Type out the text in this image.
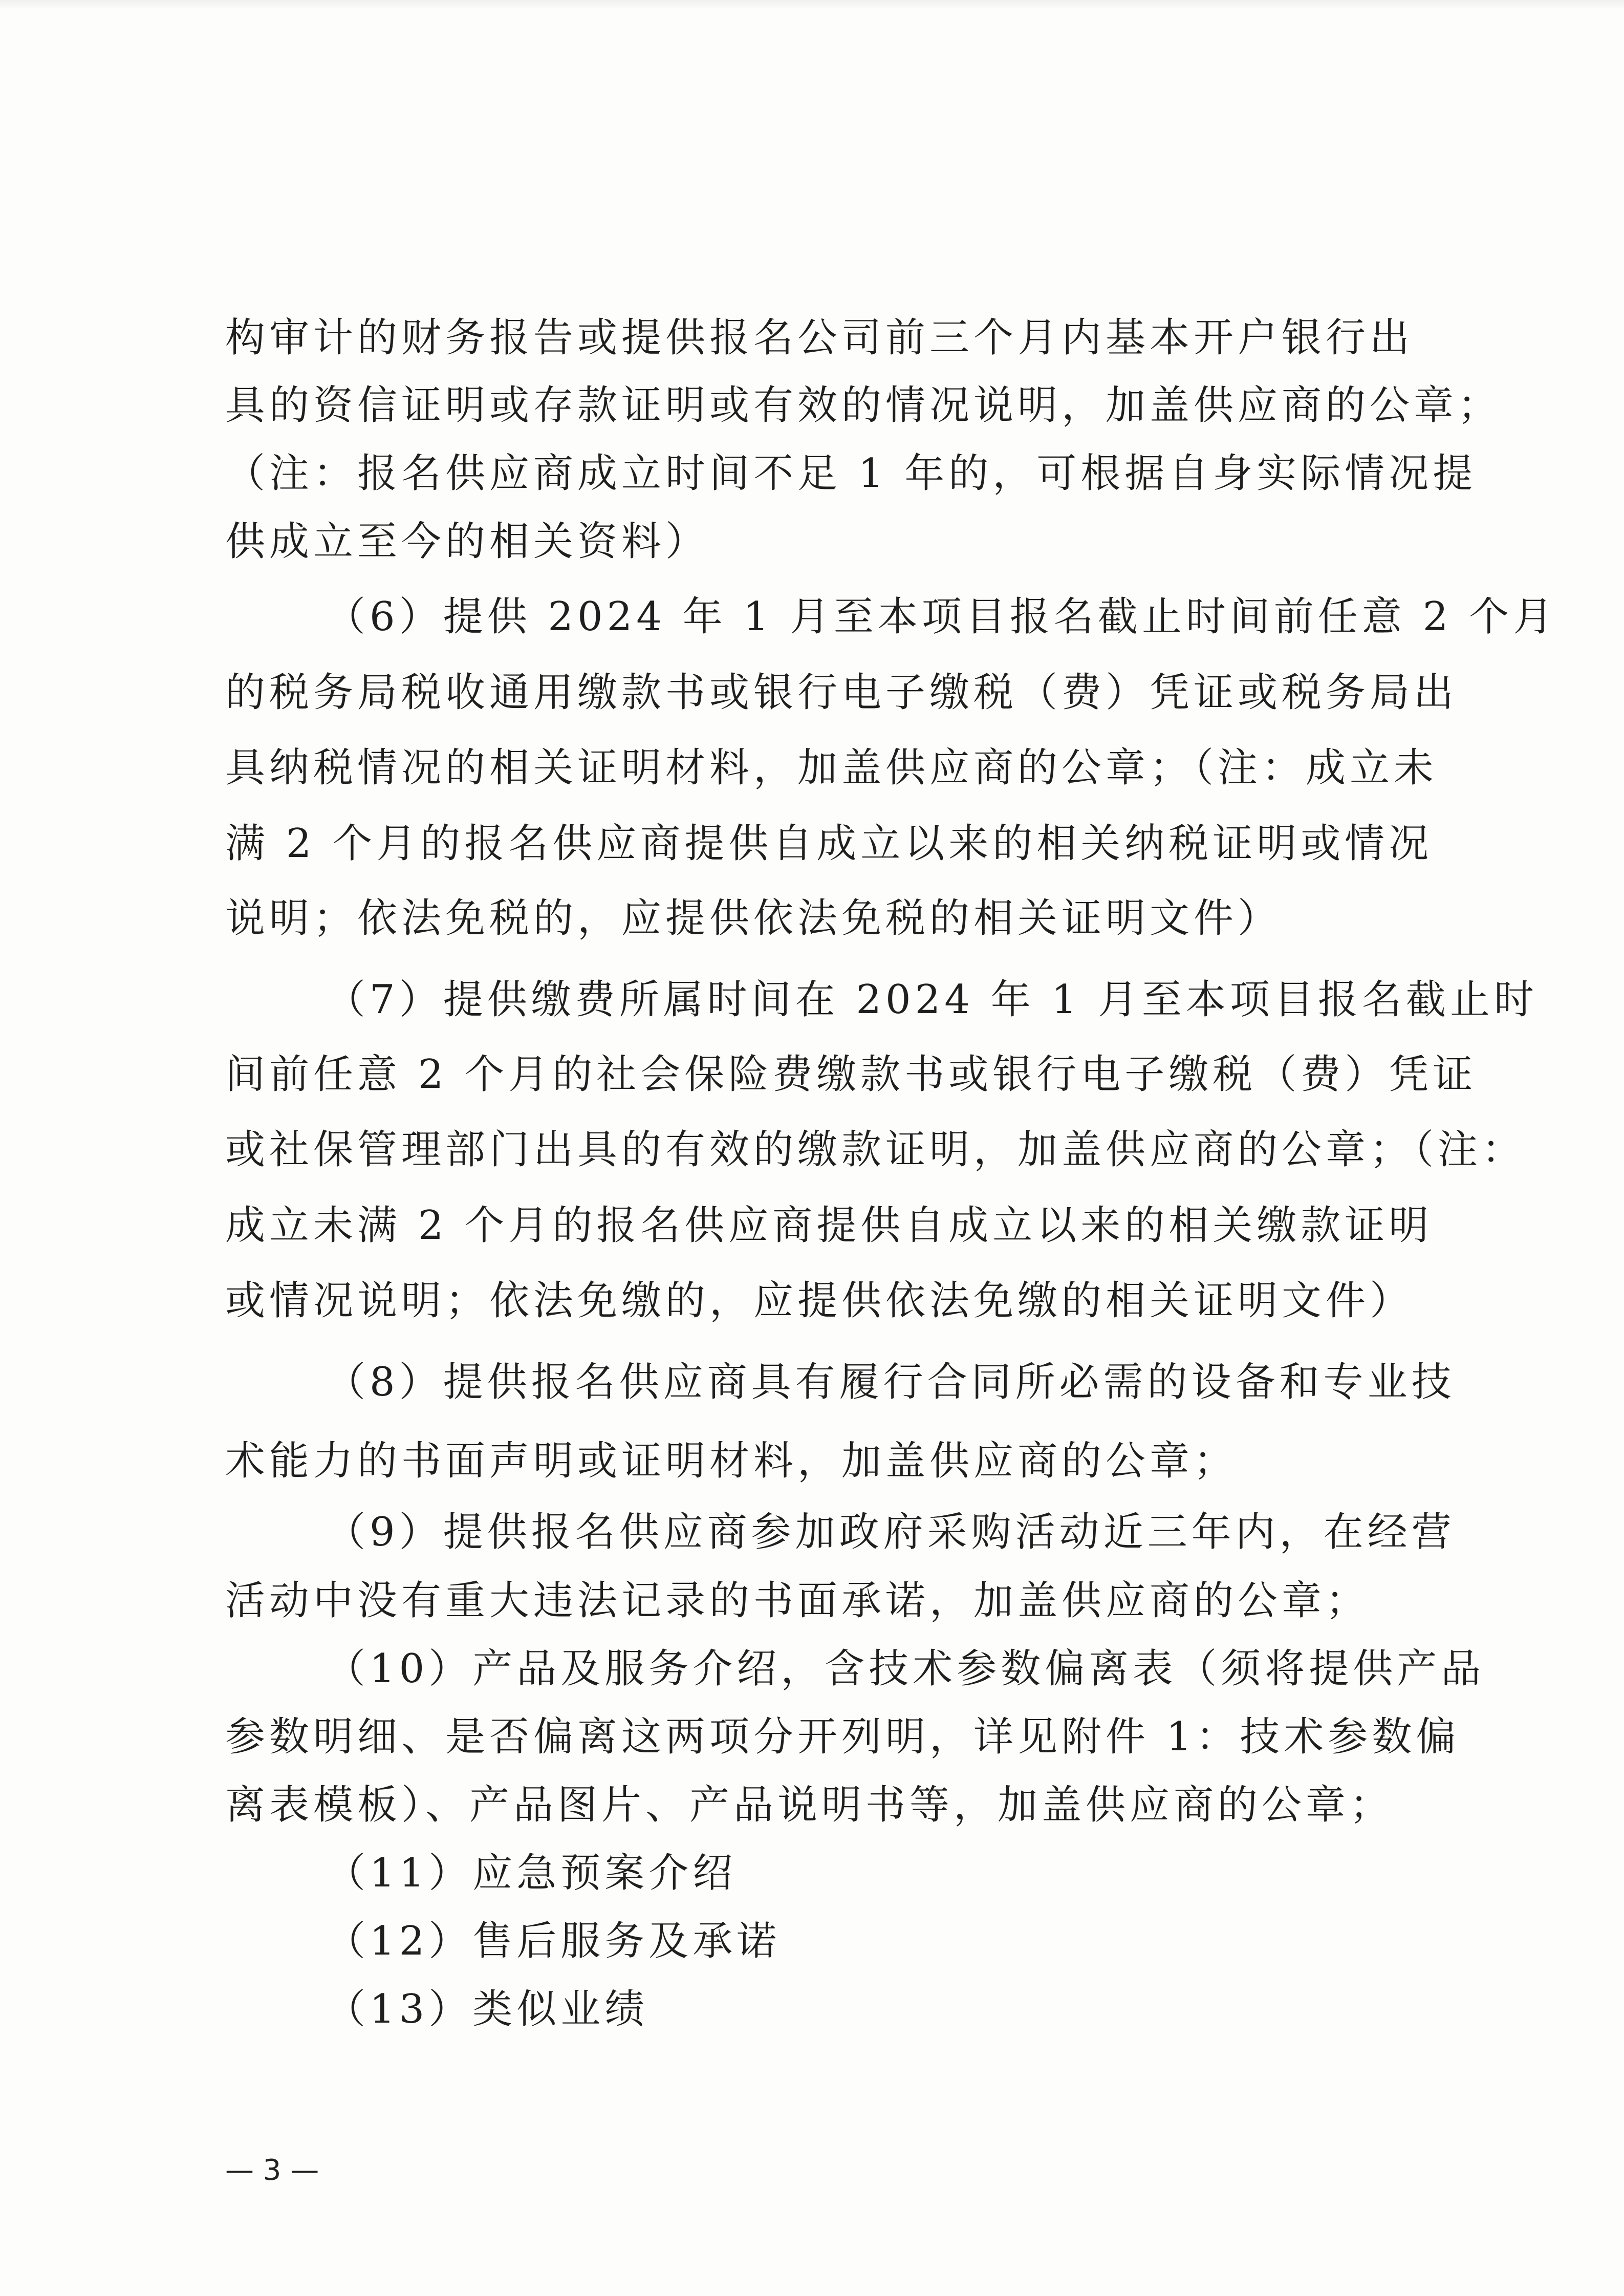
构审计的财务报告或提供报名公司前三个月内基本开户银行出
具的资信证明或存款证明或有效的情况说明，加盖供应商的公章；
（注：报名供应商成立时间不足 1 年的，可根据自身实际情况提
供成立至今的相关资料）
（6）提供 2024 年 1 月至本项目报名截止时间前任意 2 个月
的税务局税收通用缴款书或银行电子缴税（费）凭证或税务局出
具纳税情况的相关证明材料，加盖供应商的公章；（注：成立未
满 2 个月的报名供应商提供自成立以来的相关纳税证明或情况
说明；依法免税的，应提供依法免税的相关证明文件）
（7）提供缴费所属时间在 2024 年 1 月至本项目报名截止时
间前任意 2 个月的社会保险费缴款书或银行电子缴税（费）凭证
或社保管理部门出具的有效的缴款证明，加盖供应商的公章；（注：
成立未满 2 个月的报名供应商提供自成立以来的相关缴款证明
或情况说明；依法免缴的，应提供依法免缴的相关证明文件）
（8）提供报名供应商具有履行合同所必需的设备和专业技
术能力的书面声明或证明材料，加盖供应商的公章；
（9）提供报名供应商参加政府采购活动近三年内，在经营
活动中没有重大违法记录的书面承诺，加盖供应商的公章；
（10）产品及服务介绍，含技术参数偏离表（须将提供产品
参数明细、是否偏离这两项分开列明，详见附件 1：技术参数偏
离表模板）、产品图片、产品说明书等，加盖供应商的公章；
（11）应急预案介绍
（12）售后服务及承诺
（13）类似业绩
— 3 —
